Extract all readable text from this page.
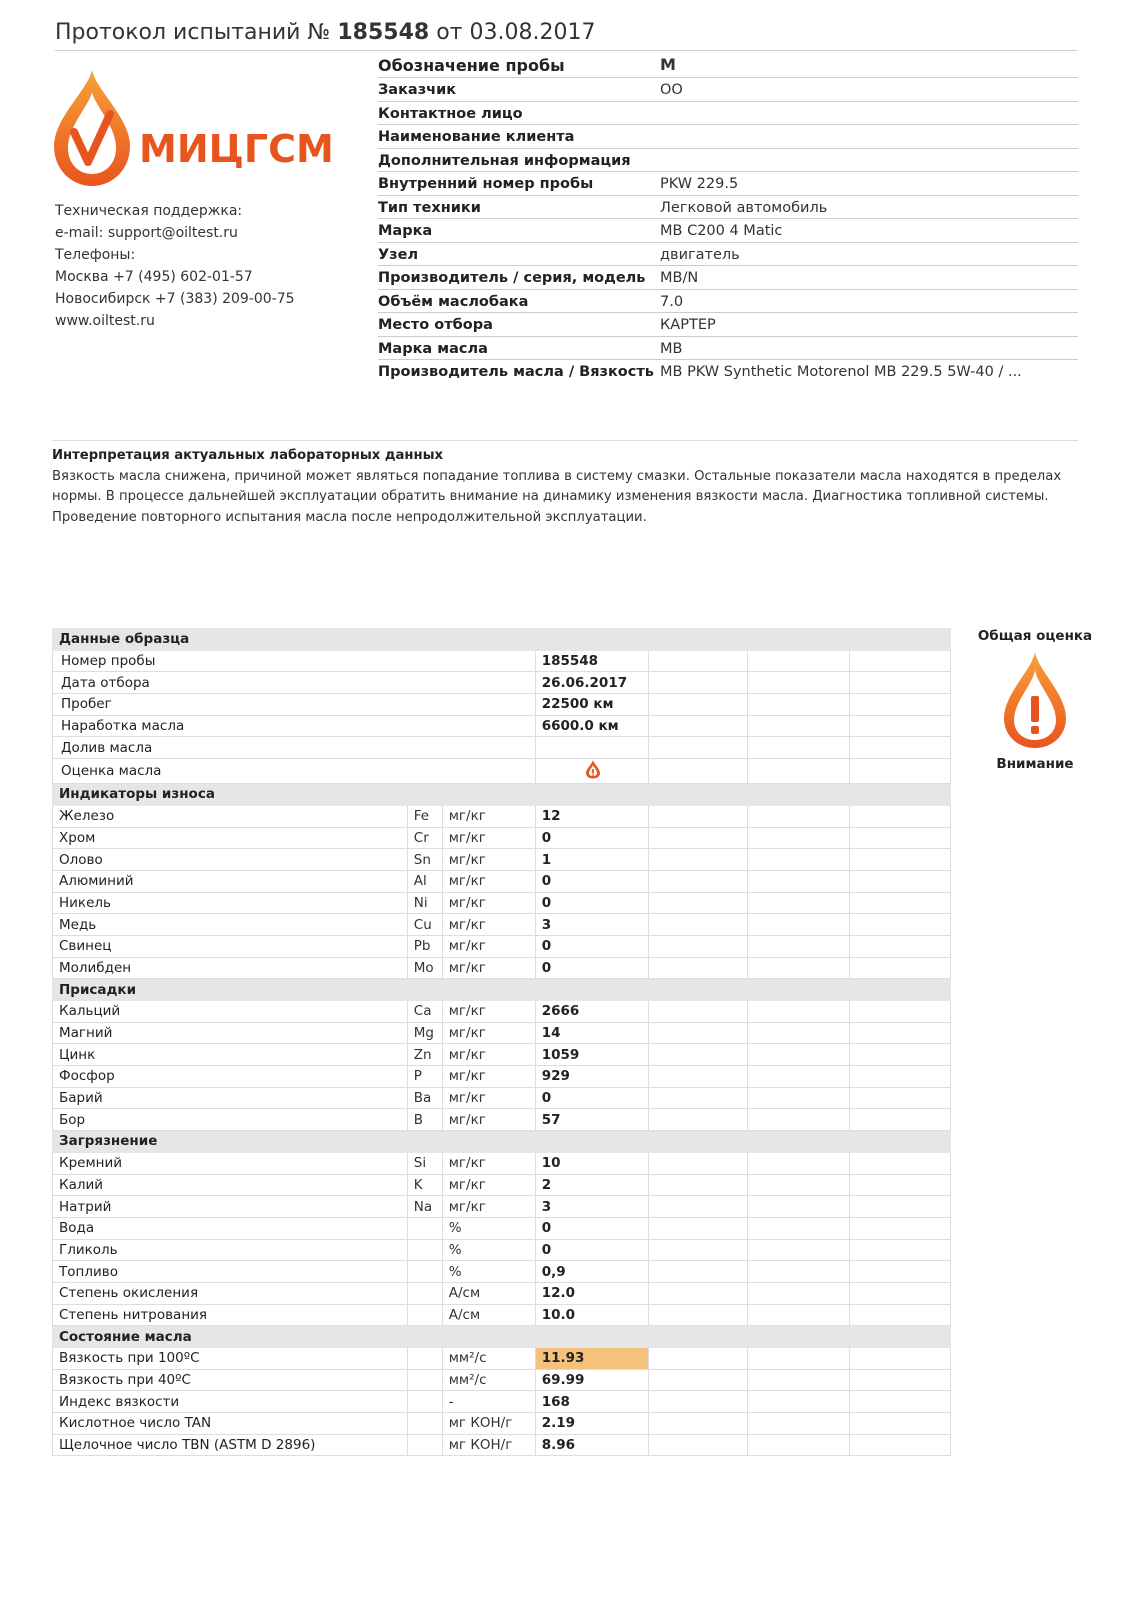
Протокол испытаний № 185548 от 03.08.2017
МИЦГСМ
Техническая поддержка:
e-mail: support@oiltest.ru
Телефоны:
Москва +7 (495) 602-01-57
Новосибирск +7 (383) 209-00-75
www.oiltest.ru
Обозначение пробы	M
Заказчик	OO
Контактное лицо
Наименование клиента
Дополнительная информация
Внутренний номер пробы	PKW 229.5
Тип техники	Легковой автомобиль
Марка	MB C200 4 Matic
Узел	двигатель
Производитель / серия, модель MB/N
Объём маслобака	7.0
Место отбора	КАРТЕР
Марка масла	MB
Производитель масла / Вязкость MB PKW Synthetic Motorenol MB 229.5 5W-40 / ...
Интерпретация актуальных лабораторных данных
Вязкость масла снижена, причиной может являться попадание топлива в систему смазки. Остальные показатели масла находятся в пределах нормы. В процессе дальнейшей эксплуатации обратить внимание на динамику изменения вязкости масла. Диагностика топливной системы. Проведение повторного испытания масла после непродолжительной эксплуатации.
Данные образца						
Номер пробы			185548			
Дата отбора			26.06.2017			
Пробег			22500 км			
Наработка масла			6600.0 км			
Долив масла						
Оценка масла				
Индикаторы износа						
Железо	Fe	мг/кг	12			
Хром	Cr	мг/кг	0			
Олово	Sn	мг/кг	1			
Алюминий	Al	мг/кг	0			
Никель	Ni	мг/кг	0			
Медь	Cu	мг/кг	3			
Свинец	Pb	мг/кг	0			
Молибден	Mo	мг/кг	0			
Присадки						
Кальций	Ca	мг/кг	2666			
Магний	Mg	мг/кг	14			
Цинк	Zn	мг/кг	1059			
Фосфор	P	мг/кг	929			
Барий	Ba	мг/кг	0			
Бор	B	мг/кг	57			
Загрязнение						
Кремний	Si	мг/кг	10			
Калий	K	мг/кг	2			
Натрий	Na	мг/кг	3			
Вода		%	0			
Гликоль		%	0			
Топливо		%	0,9			
Степень окисления		A/см	12.0			
Степень нитрования		A/см	10.0			
Состояние масла						
Вязкость при 100ºC		мм²/с	11.93			
Вязкость при 40ºC		мм²/с	69.99			
Индекс вязкости		-	168			
Кислотное число TAN		мг КОН/г	2.19			
Щелочное число TBN (ASTM D 2896)		мг КОН/г	8.96			
Общая оценка
Внимание
